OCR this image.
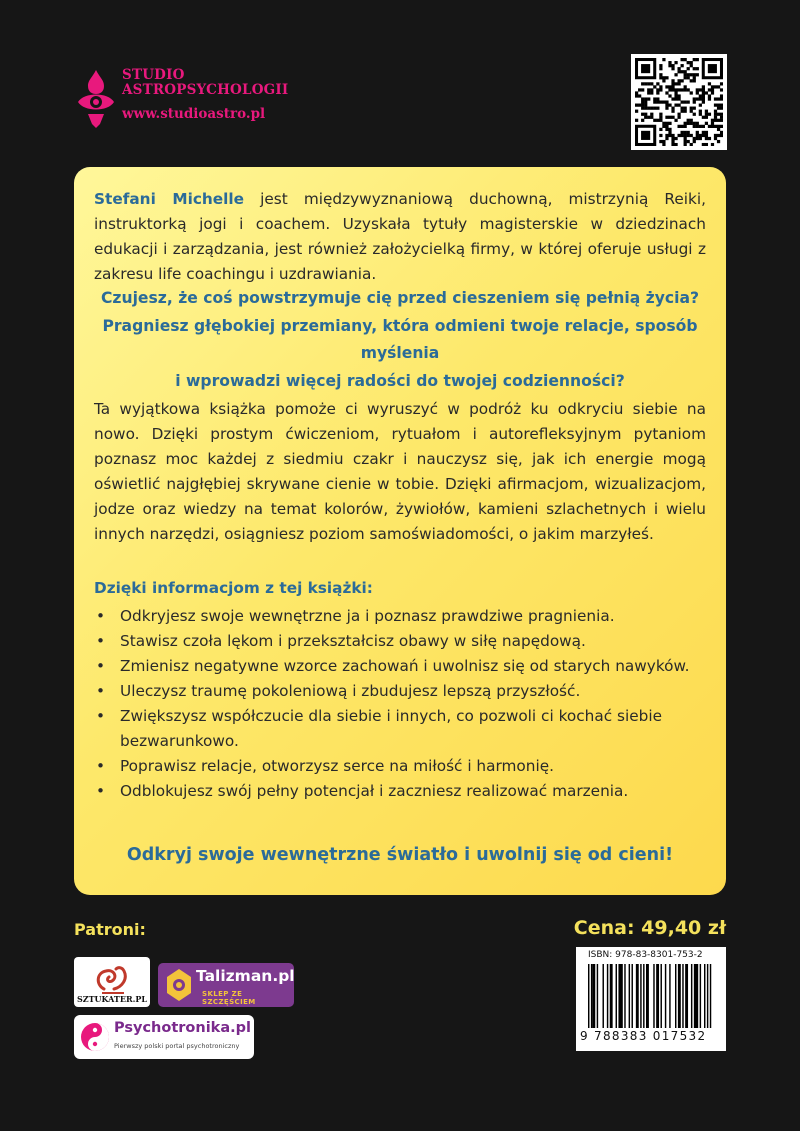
STUDIO
ASTROPSYCHOLOGII
www.studioastro.pl

Stefani Michelle jest międzywyznaniową duchowną, mistrzynią Reiki, instruktorką jogi i coachem. Uzyskała tytuły magisterskie w dziedzinach edukacji i zarządzania, jest również założycielką firmy, w której oferuje usługi z zakresu life coachingu i uzdrawiania.

Czujesz, że coś powstrzymuje cię przed cieszeniem się pełnią życia?
Pragniesz głębokiej przemiany, która odmieni twoje relacje, sposób myślenia
i wprowadzi więcej radości do twojej codzienności?

Ta wyjątkowa książka pomoże ci wyruszyć w podróż ku odkryciu siebie na nowo. Dzięki prostym ćwiczeniom, rytuałom i autorefleksyjnym pytaniom poznasz moc każdej z siedmiu czakr i nauczysz się, jak ich energie mogą oświetlić najgłębiej skrywane cienie w tobie. Dzięki afirmacjom, wizualizacjom, jodze oraz wiedzy na temat kolorów, żywiołów, kamieni szlachetnych i wielu innych narzędzi, osiągniesz poziom samoświadomości, o jakim marzyłeś.

Dzięki informacjom z tej książki:
• Odkryjesz swoje wewnętrzne ja i poznasz prawdziwe pragnienia.
• Stawisz czoła lękom i przekształcisz obawy w siłę napędową.
• Zmienisz negatywne wzorce zachowań i uwolnisz się od starych nawyków.
• Uleczysz traumę pokoleniową i zbudujesz lepszą przyszłość.
• Zwiększysz współczucie dla siebie i innych, co pozwoli ci kochać siebie bezwarunkowo.
• Poprawisz relacje, otworzysz serce na miłość i harmonię.
• Odblokujesz swój pełny potencjał i zaczniesz realizować marzenia.
Odkryj swoje wewnętrzne światło i uwolnij się od cieni!
Patroni:
SZTUKATER.PL
Talizman.pl
SKLEP ZE SZCZĘŚCIEM
Psychotronika.pl
Pierwszy polski portal psychotroniczny
Cena: 49,40 zł
ISBN: 978-83-8301-753-2
9 788383 017532
